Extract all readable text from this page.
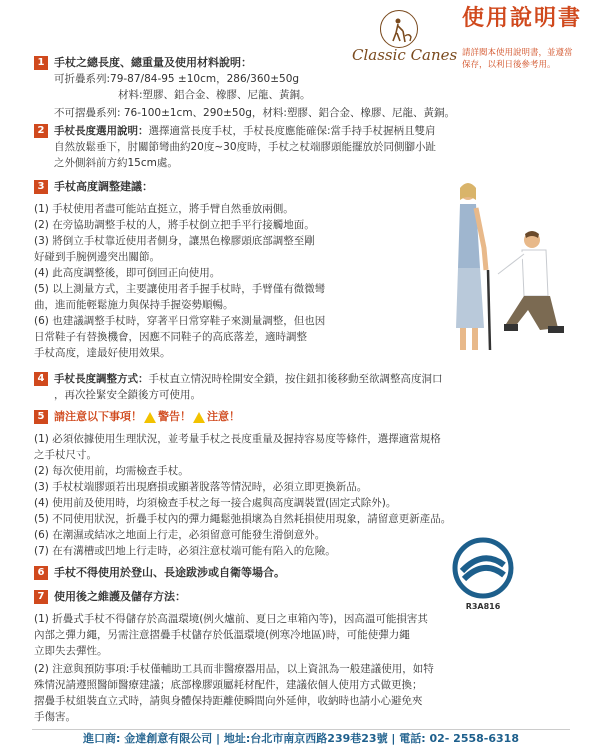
Classic Canes
使用說明書
請詳閱本使用說明書，並遵當
保存，以利日後參考用。
1 手杖之總長度、總重量及使用材料說明：
可折疊系列:79-87/84-95 ±10cm，286/360±50g
材料:塑膠、鋁合金、橡膠、尼龍、黃銅。
不可摺疊系列: 76-100±1cm、290±50g，材料:塑膠、鋁合金、橡膠、尼龍、黃銅。
2 手杖長度選用說明：選擇適當長度手杖，手杖長度應能確保:當手持手杖握柄且雙肩
自然放鬆垂下，肘關節彎曲約20度~30度時，手杖之杖端膠頭能擺放於同側腳小趾
之外側斜前方約15cm處。
3 手杖高度調整建議：
(1) 手杖使用者盡可能站直挺立，將手臂自然垂放兩側。
(2) 在旁協助調整手杖的人，將手杖倒立把手平行接觸地面。
(3) 將倒立手杖靠近使用者側身，讓黑色橡膠頭底部調整至剛
好碰到手腕例邊突出關節。
(4) 此高度調整後，即可倒回正向使用。
(5) 以上測量方式，主要讓使用者手握手杖時，手臂僅有微微彎
曲，進而能輕鬆施力與保持手握姿勢順暢。
(6) 也建議調整手杖時，穿著平日常穿鞋子來測量調整，但也因
日常鞋子有替換機會，因應不同鞋子的高底落差，適時調整
手杖高度，達最好使用效果。
4 手杖長度調整方式：手杖直立情況時栓開安全鎖，按住鈕扣後移動至欲調整高度洞口
，再次拴緊安全鎖後方可使用。
5 請注意以下事項！ 警告！ 注意！
(1) 必須依據使用生理狀況，並考量手杖之長度重量及握持容易度等條件，選擇適當規格
之手杖尺寸。
(2) 每次使用前，均需檢查手杖。
(3) 手杖杖端膠頭若出現磨損或顯著脫落等情況時，必須立即更換新品。
(4) 使用前及使用時，均須檢查手杖之每一接合處與高度調裝置(固定式除外)。
(5) 不同使用狀況，折疊手杖內的彈力繩鬆弛損壞為自然耗損使用現象，請留意更新產品。
(6) 在潮濕或結冰之地面上行走，必須留意可能發生滑倒意外。
(7) 在有溝槽或凹地上行走時，必須注意杖端可能有陷入的危險。
6 手杖不得使用於登山、長途跋涉或自衛等場合。
7 使用後之維護及儲存方法：
(1) 折疊式手杖不得儲存於高溫環境(例火爐前、夏日之車箱內等)，因高溫可能損害其
內部之彈力繩，另需注意摺疊手杖儲存於低溫環境(例寒冷地區)時，可能使彈力繩
立即失去彈性。
(2) 注意與預防事項:手杖僅輔助工具而非醫療器用品，以上資訊為一般建議使用，如特
殊情況請遵照醫師醫療建議；底部橡膠頭屬耗材配件，建議依個人使用方式做更換；
摺疊手杖組裝直立式時，請與身體保持距離使瞬間向外延伸，收納時也請小心避免夾
手傷害。
R3A816
進口商: 金達創意有限公司 | 地址:台北市南京西路239巷23號 | 電話: 02- 2558-6318
